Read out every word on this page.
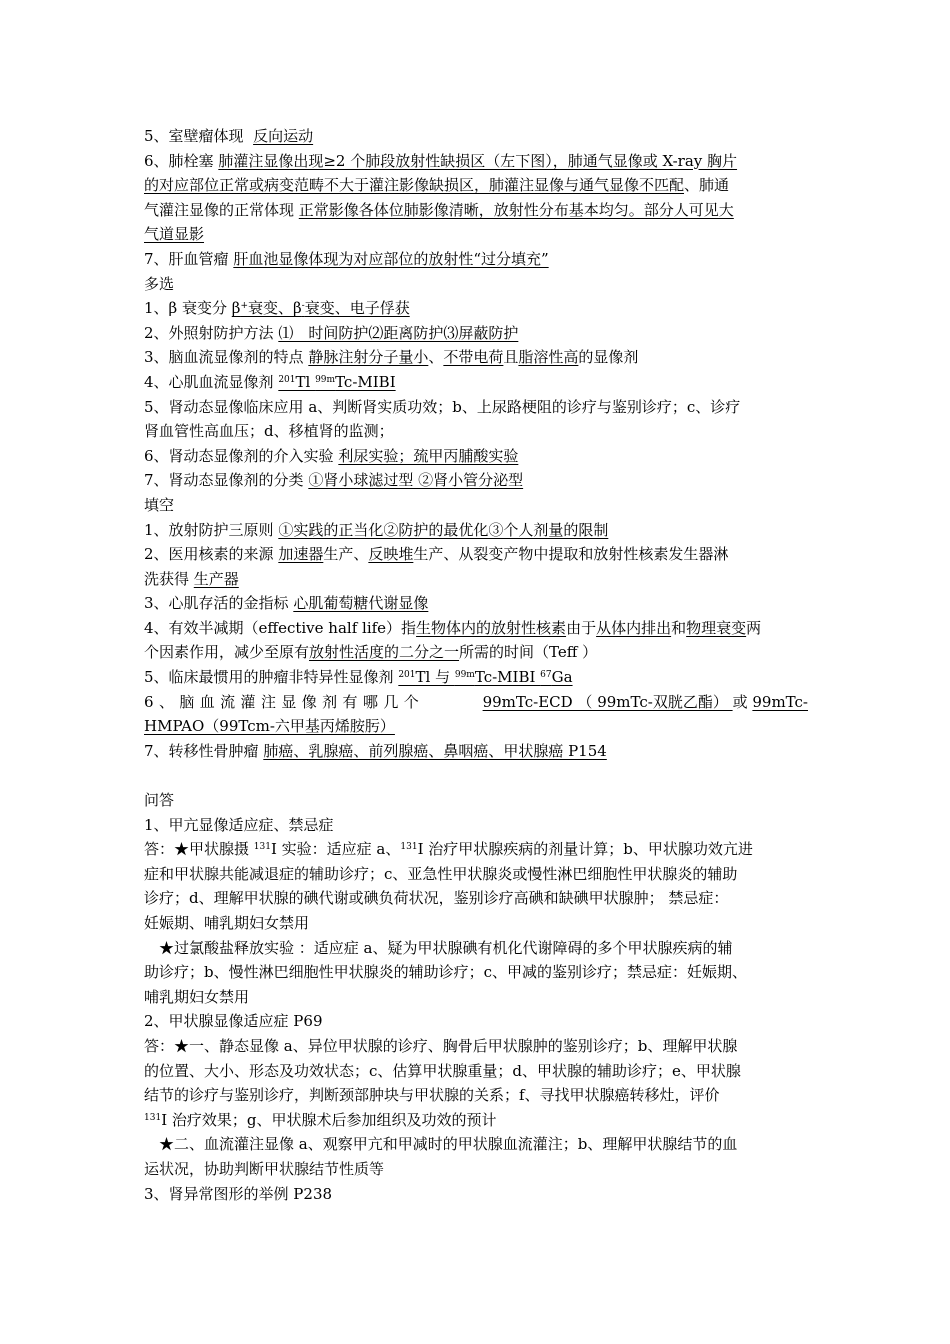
5、室壁瘤体现 反向运动
6、肺栓塞 肺灌注显像出现≥2 个肺段放射性缺损区（左下图），肺通气显像或 X-ray 胸片
的对应部位正常或病变范畴不大于灌注影像缺损区，肺灌注显像与通气显像不匹配、肺通
气灌注显像的正常体现 正常影像各体位肺影像清晰，放射性分布基本均匀。部分人可见大
气道显影
7、肝血管瘤 肝血池显像体现为对应部位的放射性“过分填充”
多选
1、β 衰变分 β+衰变、β-衰变、电子俘获
2、外照射防护方法 ⑴　时间防护⑵距离防护⑶屏蔽防护
3、脑血流显像剂的特点 静脉注射分子量小、不带电荷且脂溶性高的显像剂
4、心肌血流显像剂 $^{201}$Tl $^{99m}$Tc-MIBI
5、肾动态显像临床应用 a、判断肾实质功效；b、上尿路梗阻的诊疗与鉴别诊疗；c、诊疗
肾血管性高血压；d、移植肾的监测；
6、肾动态显像剂的介入实验 利尿实验；巯甲丙脯酸实验
7、肾动态显像剂的分类 ①肾小球滤过型 ②肾小管分泌型
填空
1、放射防护三原则 ①实践的正当化②防护的最优化③个人剂量的限制
2、医用核素的来源 加速器生产、反映堆生产、从裂变产物中提取和放射性核素发生器淋
洗获得 生产器
3、心肌存活的金指标 心肌葡萄糖代谢显像
4、有效半减期（effective half life）指生物体内的放射性核素由于从体内排出和物理衰变两
个因素作用，减少至原有放射性活度的二分之一所需的时间（Teff ）
5、临床最惯用的肿瘤非特异性显像剂 $^{201}$Tl 与 $^{99m}$Tc-MIBI $^{67}$Ga
6、脑血流灌注显像剂有哪几个	99mTc-ECD （ 99mTc-双胱乙酯） 或 99mTc-
HMPAO（99Tcm-六甲基丙烯胺肟）
7、转移性骨肿瘤 肺癌、乳腺癌、前列腺癌、鼻咽癌、甲状腺癌 P154
问答
1、甲亢显像适应症、禁忌症
答：★甲状腺摄 $^{131}$I 实验：适应症 a、$^{131}$I 治疗甲状腺疾病的剂量计算；b、甲状腺功效亢进
症和甲状腺共能减退症的辅助诊疗；c、亚急性甲状腺炎或慢性淋巴细胞性甲状腺炎的辅助
诊疗；d、理解甲状腺的碘代谢或碘负荷状况，鉴别诊疗高碘和缺碘甲状腺肿； 禁忌症：
妊娠期、哺乳期妇女禁用
★过氯酸盐释放实验 ：适应症 a、疑为甲状腺碘有机化代谢障碍的多个甲状腺疾病的辅
助诊疗；b、慢性淋巴细胞性甲状腺炎的辅助诊疗；c、甲减的鉴别诊疗；禁忌症：妊娠期、
哺乳期妇女禁用
2、甲状腺显像适应症 P69
答：★一、静态显像 a、异位甲状腺的诊疗、胸骨后甲状腺肿的鉴别诊疗；b、理解甲状腺
的位置、大小、形态及功效状态；c、估算甲状腺重量；d、甲状腺的辅助诊疗；e、甲状腺
结节的诊疗与鉴别诊疗，判断颈部肿块与甲状腺的关系；f、寻找甲状腺癌转移灶，评价
$^{131}$I 治疗效果；g、甲状腺术后参加组织及功效的预计
★二、血流灌注显像 a、观察甲亢和甲减时的甲状腺血流灌注；b、理解甲状腺结节的血
运状况，协助判断甲状腺结节性质等
3、肾异常图形的举例 P238
